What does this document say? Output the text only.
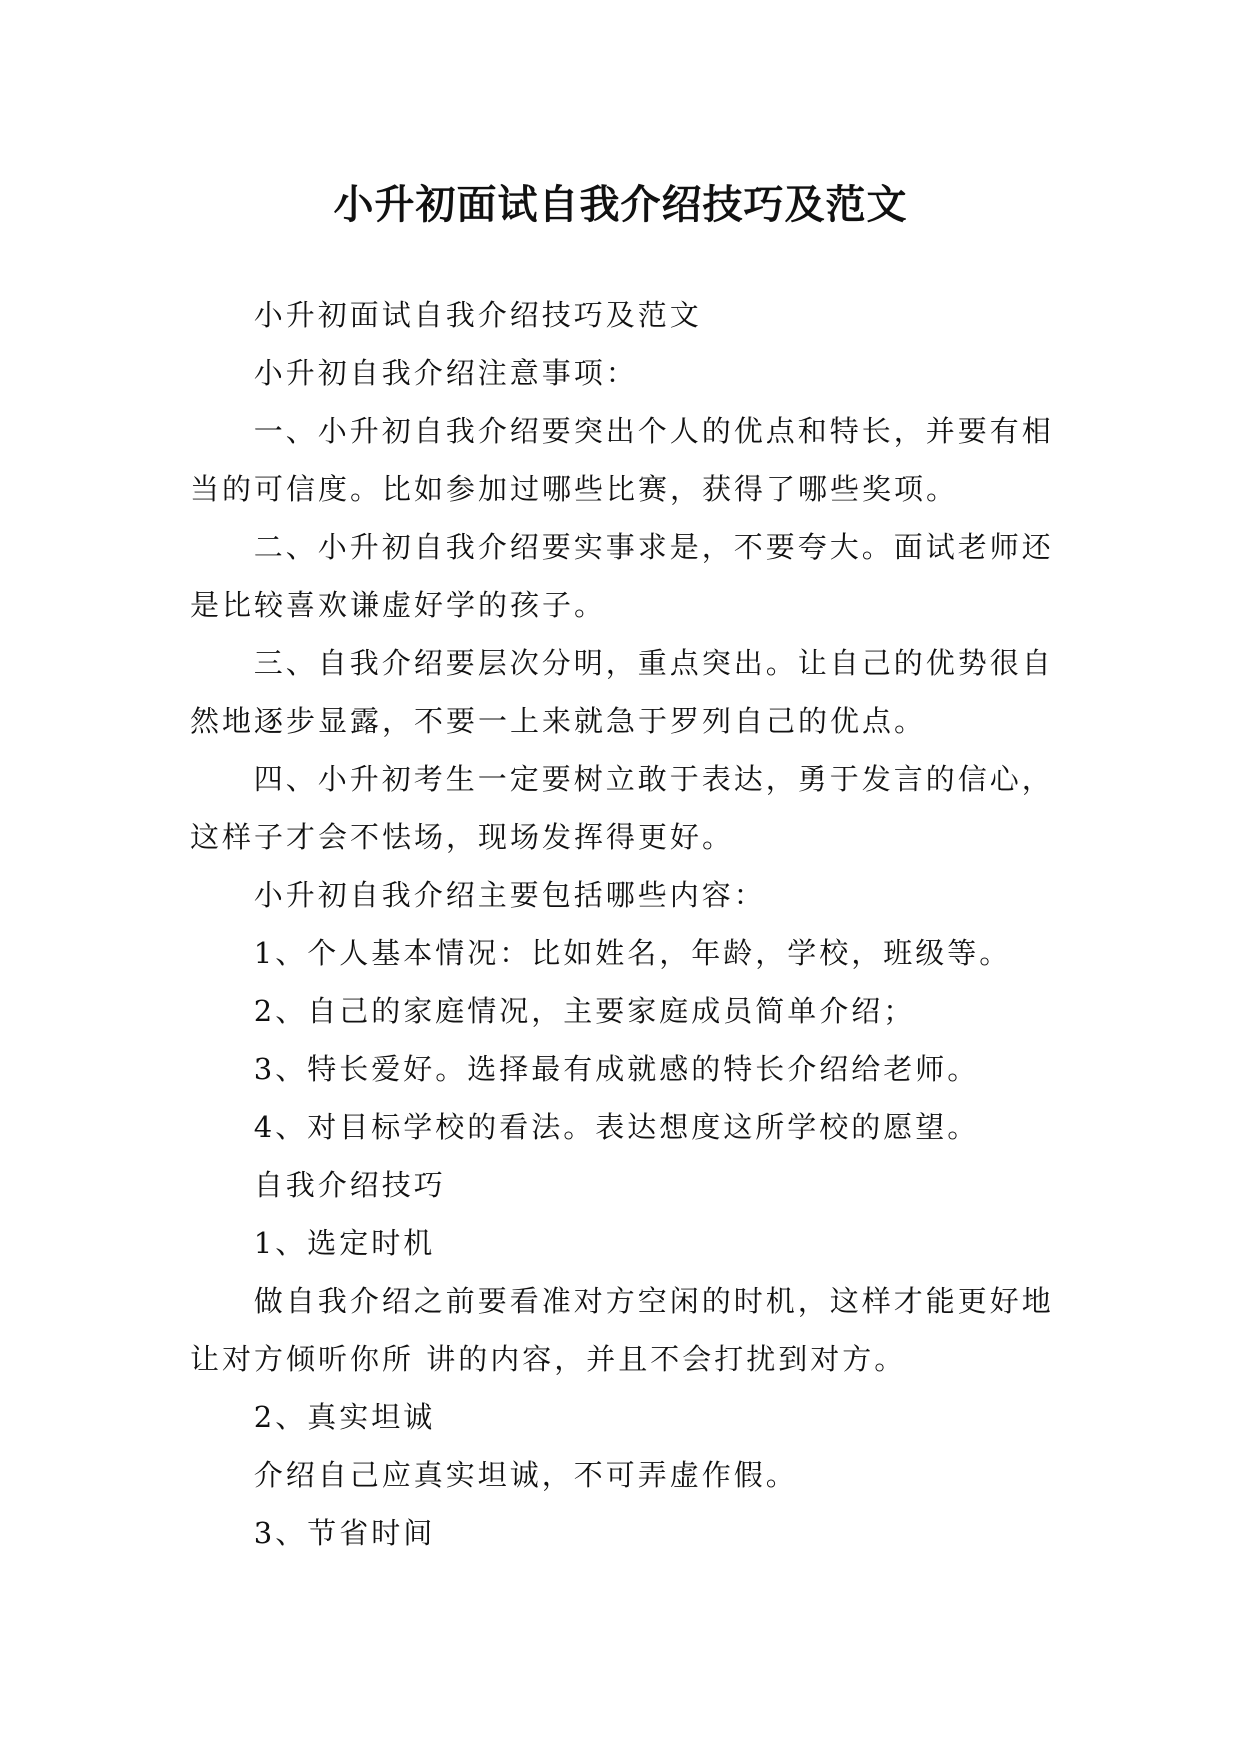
小升初面试自我介绍技巧及范文

小升初面试自我介绍技巧及范文

小升初自我介绍注意事项：

一、小升初自我介绍要突出个人的优点和特长，并要有相当的可信度。比如参加过哪些比赛，获得了哪些奖项。

二、小升初自我介绍要实事求是，不要夸大。面试老师还是比较喜欢谦虚好学的孩子。

三、自我介绍要层次分明，重点突出。让自己的优势很自然地逐步显露，不要一上来就急于罗列自己的优点。

四、小升初考生一定要树立敢于表达，勇于发言的信心，这样子才会不怯场，现场发挥得更好。

小升初自我介绍主要包括哪些内容：

1、个人基本情况：比如姓名，年龄，学校，班级等。

2、自己的家庭情况，主要家庭成员简单介绍；

3、特长爱好。选择最有成就感的特长介绍给老师。

4、对目标学校的看法。表达想度这所学校的愿望。

自我介绍技巧

1、选定时机

做自我介绍之前要看准对方空闲的时机，这样才能更好地让对方倾听你所 讲的内容，并且不会打扰到对方。

2、真实坦诚

介绍自己应真实坦诚，不可弄虚作假。

3、节省时间
